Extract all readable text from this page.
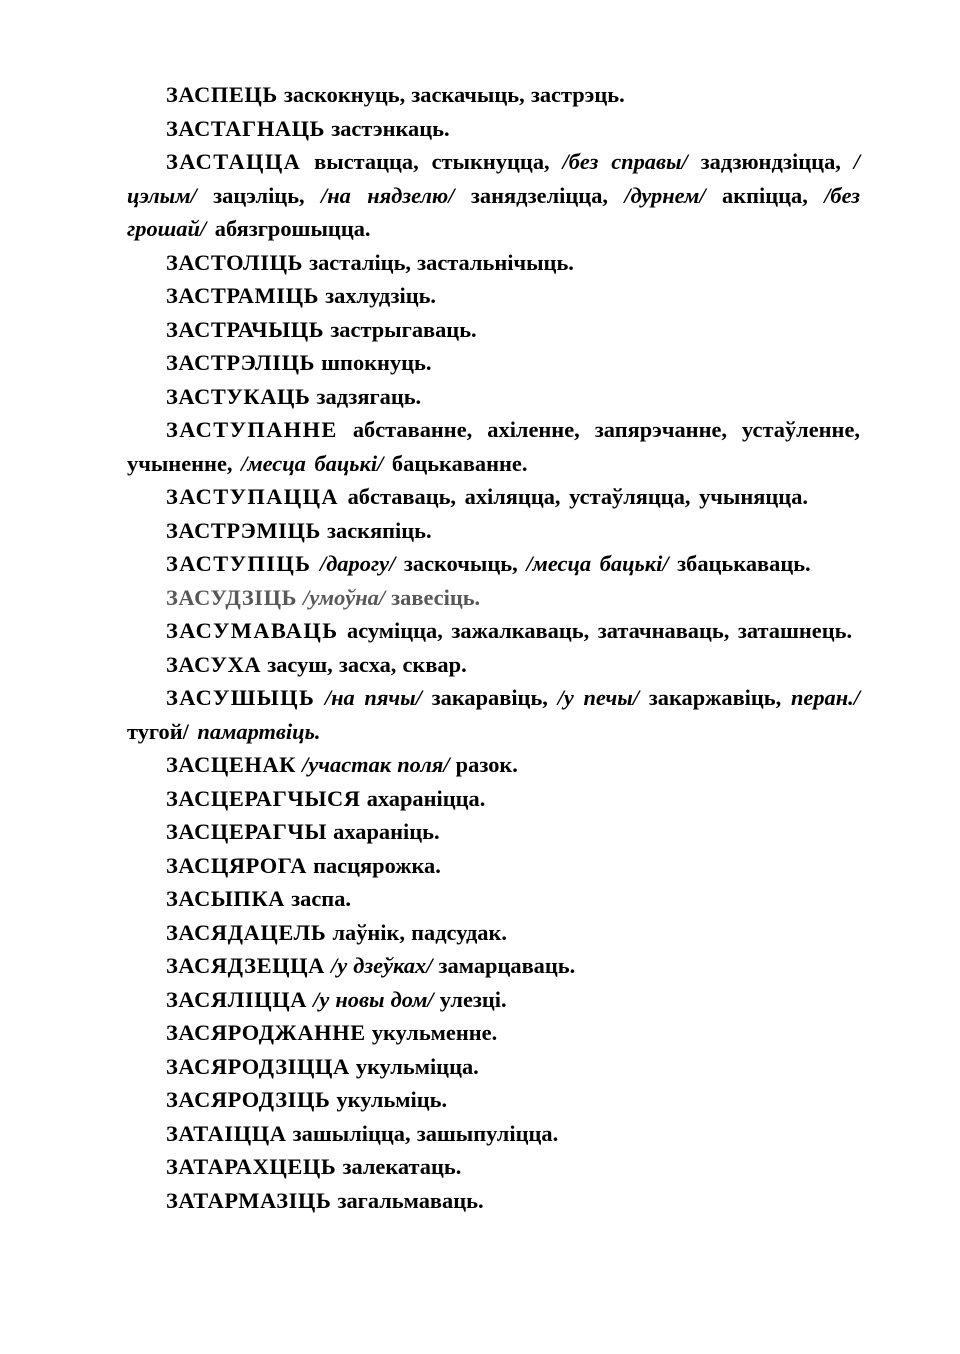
ЗАСПЕЦЬ заскокнуць, заскачыць, застрэць.

ЗАСТАГНАЦЬ застэнкаць.

ЗАСТАЦЦА выстацца, стыкнуцца, /без справы/ задзюндзіцца, /цэлым/ зацэліць, /на нядзелю/ занядзеліцца, /дурнем/ акпіцца, /без грошай/ абязгрошыцца.

ЗАСТОЛІЦЬ засталіць, застальнічыць.

ЗАСТРАМІЦЬ захлудзіць.

ЗАСТРАЧЫЦЬ застрыгаваць.

ЗАСТРЭЛІЦЬ шпокнуць.

ЗАСТУКАЦЬ задзягаць.

ЗАСТУПАННЕ абставанне, ахіленне, запярэчанне, устаўленне, учыненне, /месца бацькі/ бацькаванне.

ЗАСТУПАЦЦА абставаць, ахіляцца, устаўляцца, учыняцца.

ЗАСТРЭМІЦЬ заскяпіць.

ЗАСТУПІЦЬ /дарогу/ заскочыць, /месца бацькі/ збацькаваць.

ЗАСУДЗІЦЬ /умоўна/ завесіць.

ЗАСУМАВАЦЬ асуміцца, зажалкаваць, затачнаваць, заташнець.

ЗАСУХА засуш, засха, сквар.

ЗАСУШЫЦЬ /на пячы/ закаравіць, /у печы/ закаржавіць, перан./тугой/ памартвіць.

ЗАСЦЕНАК /участак поля/ разок.

ЗАСЦЕРАГЧЫСЯ ахараніцца.

ЗАСЦЕРАГЧЫ ахараніць.

ЗАСЦЯРОГА пасцярожка.

ЗАСЫПКА заспа.

ЗАСЯДАЦЕЛЬ лаўнік, падсудак.

ЗАСЯДЗЕЦЦА /у дзеўках/ замарцаваць.

ЗАСЯЛІЦЦА /у новы дом/ улезці.

ЗАСЯРОДЖАННЕ укульменне.

ЗАСЯРОДЗІЦЦА укульміцца.

ЗАСЯРОДЗІЦЬ укульміць.

ЗАТАІЦЦА зашыліцца, зашыпуліцца.

ЗАТАРАХЦЕЦЬ залекатаць.

ЗАТАРМАЗІЦЬ загальмаваць.
